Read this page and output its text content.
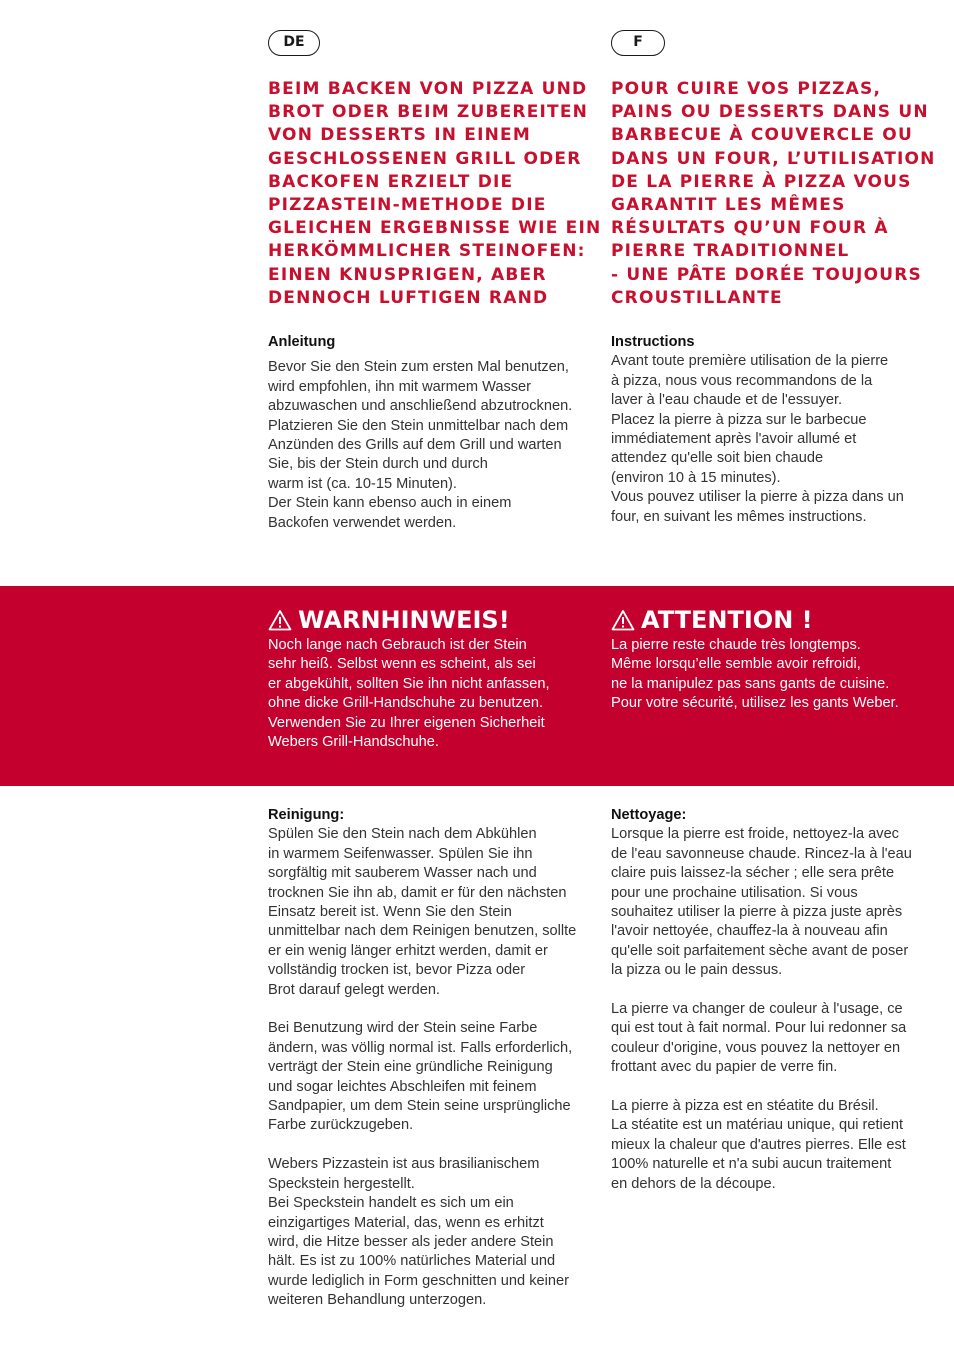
DE	F

BEIM BACKEN VON PIZZA UND

BROT ODER BEIM ZUBEREITEN

VON DESSERTS IN EINEM

GESCHLOSSENEN GRILL ODER

BACKOFEN ERZIELT DIE

PIZZASTEIN-METHODE DIE

GLEICHEN ERGEBNISSE WIE EIN

HERKÖMMLICHER STEINOFEN:

EINEN KNUSPRIGEN, ABER

DENNOCH LUFTIGEN RAND

POUR CUIRE VOS PIZZAS,

PAINS OU DESSERTS DANS UN

BARBECUE À COUVERCLE OU

DANS UN FOUR, L’UTILISATION

DE LA PIERRE À PIZZA VOUS

GARANTIT LES MÊMES

RÉSULTATS QU’UN FOUR À

PIERRE TRADITIONNEL

- UNE PÂTE DORÉE TOUJOURS

CROUSTILLANTE

Anleitung

Bevor Sie den Stein zum ersten Mal benutzen,

wird empfohlen, ihn mit warmem Wasser

abzuwaschen und anschließend abzutrocknen.

Platzieren Sie den Stein unmittelbar nach dem

Anzünden des Grills auf dem Grill und warten

Sie, bis der Stein durch und durch

warm ist (ca. 10-15 Minuten).

Der Stein kann ebenso auch in einem

Backofen verwendet werden.

Instructions

Avant toute première utilisation de la pierre

à pizza, nous vous recommandons de la

laver à l'eau chaude et de l'essuyer.

Placez la pierre à pizza sur le barbecue

immédiatement après l'avoir allumé et

attendez qu'elle soit bien chaude

(environ 10 à 15 minutes).

Vous pouvez utiliser la pierre à pizza dans un

four, en suivant les mêmes instructions.

WARNHINWEIS!

Noch lange nach Gebrauch ist der Stein

sehr heiß. Selbst wenn es scheint, als sei

er abgekühlt, sollten Sie ihn nicht anfassen,

ohne dicke Grill-Handschuhe zu benutzen.

Verwenden Sie zu Ihrer eigenen Sicherheit

Webers Grill-Handschuhe.

ATTENTION !

La pierre reste chaude très longtemps.

Même lorsqu’elle semble avoir refroidi,

ne la manipulez pas sans gants de cuisine.

Pour votre sécurité, utilisez les gants Weber.

Reinigung:

Spülen Sie den Stein nach dem Abkühlen

in warmem Seifenwasser. Spülen Sie ihn

sorgfältig mit sauberem Wasser nach und

trocknen Sie ihn ab, damit er für den nächsten

Einsatz bereit ist. Wenn Sie den Stein

unmittelbar nach dem Reinigen benutzen, sollte

er ein wenig länger erhitzt werden, damit er

vollständig trocken ist, bevor Pizza oder

Brot darauf gelegt werden.

Bei Benutzung wird der Stein seine Farbe

ändern, was völlig normal ist. Falls erforderlich,

verträgt der Stein eine gründliche Reinigung

und sogar leichtes Abschleifen mit feinem

Sandpapier, um dem Stein seine ursprüngliche

Farbe zurückzugeben.

Webers Pizzastein ist aus brasilianischem

Speckstein hergestellt.

Bei Speckstein handelt es sich um ein

einzigartiges Material, das, wenn es erhitzt

wird, die Hitze besser als jeder andere Stein

hält. Es ist zu 100% natürliches Material und

wurde lediglich in Form geschnitten und keiner

weiteren Behandlung unterzogen.

Nettoyage:

Lorsque la pierre est froide, nettoyez-la avec

de l'eau savonneuse chaude. Rincez-la à l'eau

claire puis laissez-la sécher ; elle sera prête

pour une prochaine utilisation. Si vous

souhaitez utiliser la pierre à pizza juste après

l'avoir nettoyée, chauffez-la à nouveau afin

qu'elle soit parfaitement sèche avant de poser

la pizza ou le pain dessus.

La pierre va changer de couleur à l'usage, ce

qui est tout à fait normal. Pour lui redonner sa

couleur d'origine, vous pouvez la nettoyer en

frottant avec du papier de verre fin.

La pierre à pizza est en stéatite du Brésil.

La stéatite est un matériau unique, qui retient

mieux la chaleur que d'autres pierres. Elle est

100% naturelle et n'a subi aucun traitement

en dehors de la découpe.
